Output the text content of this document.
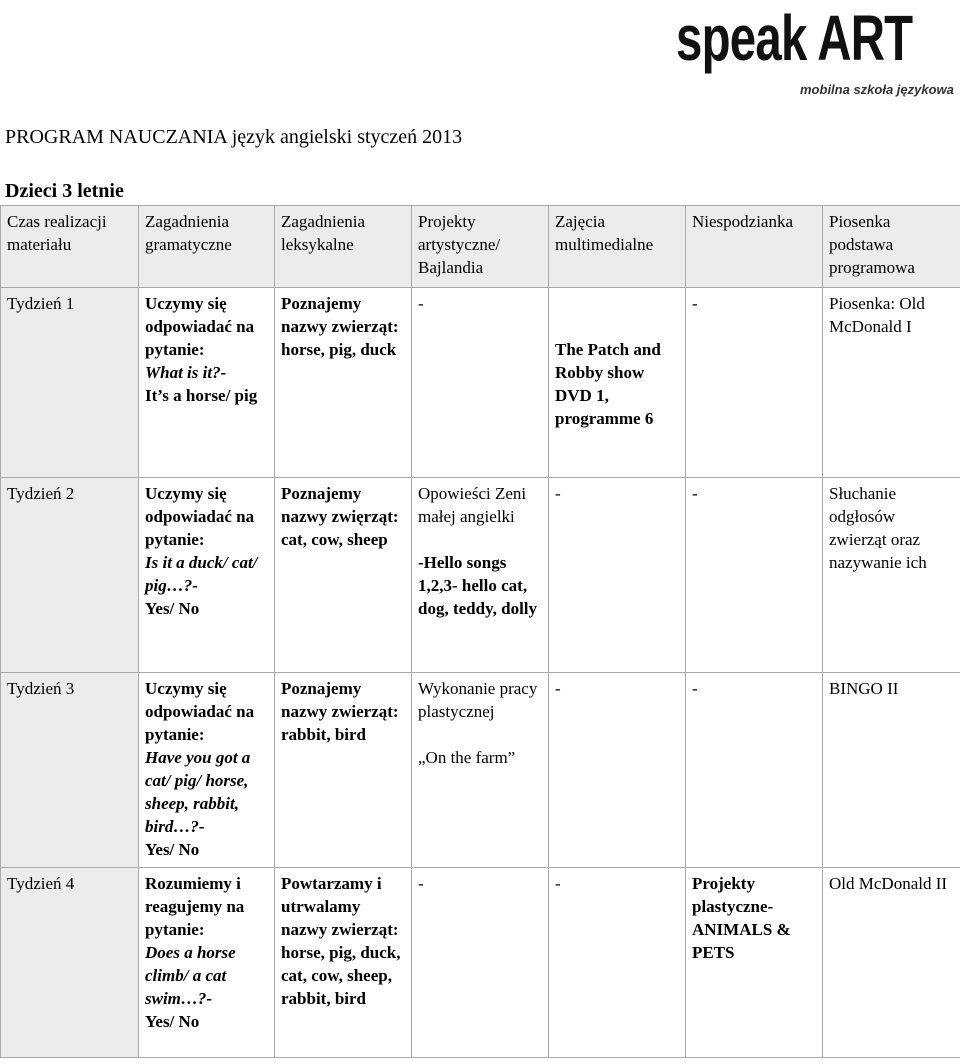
speak ART
mobilna szkoła językowa
PROGRAM NAUCZANIA język angielski styczeń 2013
Dzieci 3 letnie
Czas realizacji materiału	Zagadnienia gramatyczne	Zagadnienia leksykalne	Projekty artystyczne/ Bajlandia	Zajęcia multimedialne	Niespodzianka	Piosenka podstawa programowa
Tydzień 1	Uczymy się odpowiadać na pytanie:
What is it?-
It’s a horse/ pig	Poznajemy nazwy zwierząt:
horse, pig, duck	-	The Patch and Robby show DVD 1, programme 6	-	Piosenka: Old McDonald I

Tydzień 2	Uczymy się odpowiadać na pytanie:
Is it a duck/ cat/ pig…?-
Yes/ No	Poznajemy nazwy zwięrząt:
cat, cow, sheep	Opowieści Zeni małej angielki
-Hello songs 1,2,3- hello cat, dog, teddy, dolly	-	-	Słuchanie odgłosów zwierząt oraz nazywanie ich

Tydzień 3	Uczymy się odpowiadać na pytanie:
Have you got a cat/ pig/ horse, sheep, rabbit, bird…?-
Yes/ No	Poznajemy nazwy zwierząt:
rabbit, bird	Wykonanie pracy plastycznej
„On the farm”	-	-	BINGO II

Tydzień 4	Rozumiemy i reagujemy na pytanie:
Does a horse climb/ a cat swim…?-
Yes/ No	Powtarzamy i utrwalamy nazwy zwierząt:
horse, pig, duck, cat, cow, sheep, rabbit, bird	-	-	Projekty plastyczne- ANIMALS & PETS	Old McDonald II
